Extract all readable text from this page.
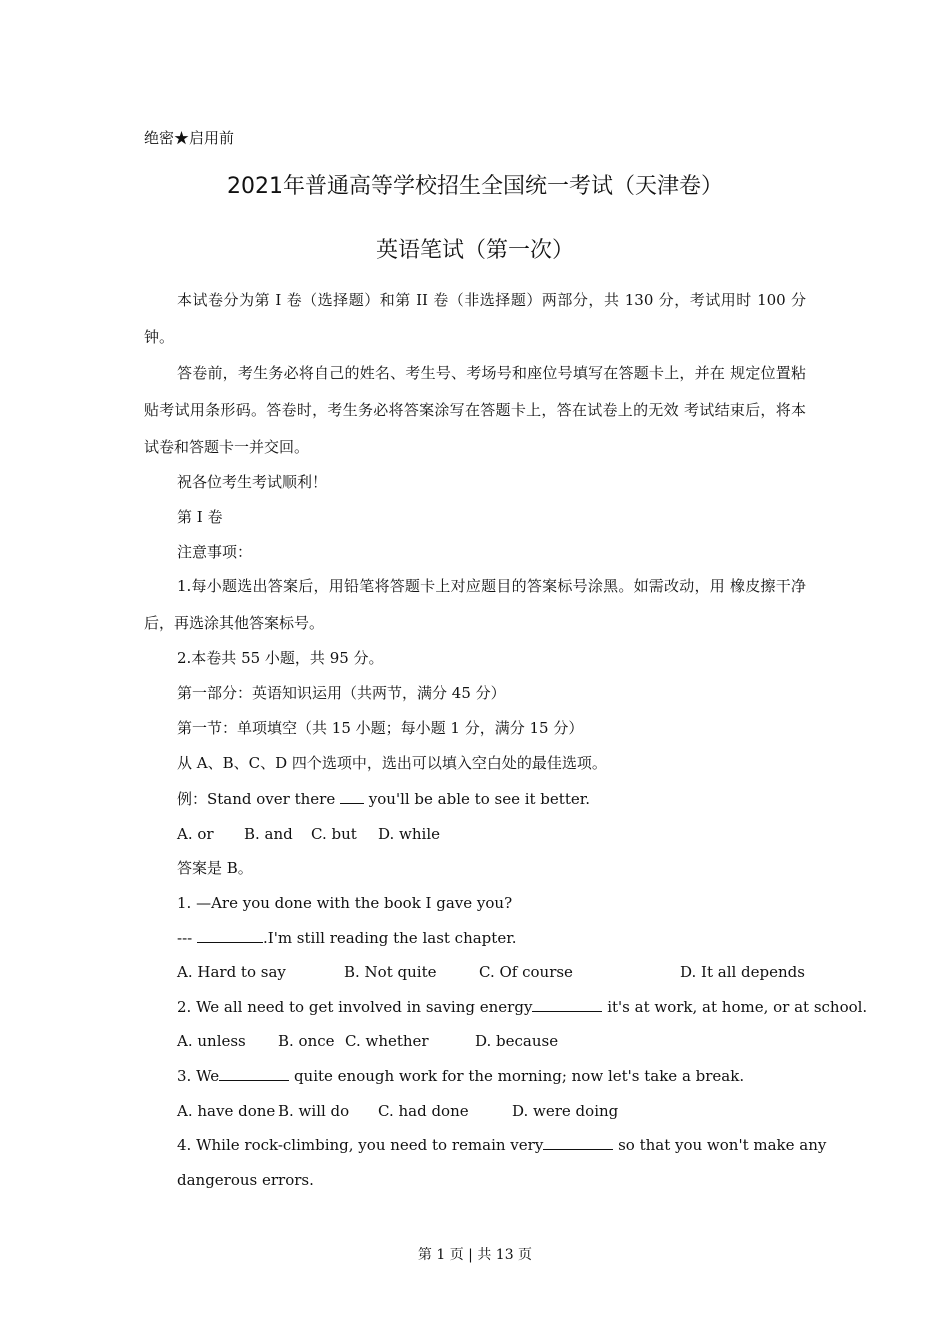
绝密★启用前
2021年普通高等学校招生全国统一考试（天津卷）
英语笔试（第一次）
本试卷分为第 I 卷（选择题）和第 II 卷（非选择题）两部分，共 130 分，考试用时 100 分钟。
答卷前，考生务必将自己的姓名、考生号、考场号和座位号填写在答题卡上，并在 规定位置粘贴考试用条形码。答卷时，考生务必将答案涂写在答题卡上，答在试卷上的无效 考试结束后，将本试卷和答题卡一并交回。
祝各位考生考试顺利！
第 I 卷
注意事项：
1.每小题选出答案后，用铅笔将答题卡上对应题目的答案标号涂黑。如需改动，用 橡皮擦干净后，再选涂其他答案标号。
2.本卷共 55 小题，共 95 分。
第一部分：英语知识运用（共两节，满分 45 分）
第一节：单项填空（共 15 小题；每小题 1 分，满分 15 分）
从 A、B、C、D 四个选项中，选出可以填入空白处的最佳选项。
例：Stand over there you'll be able to see it better.
A. or B. and C. but D. while
答案是 B。
1. —Are you done with the book I gave you?
---	.I'm still reading the last chapter.
A. Hard to say	B. Not quite	C. Of course	D. It all depends
2. We all need to get involved in saving energy	it's at work, at home, or at school.
A. unless B. once C. whether	D. because
3. We	quite enough work for the morning; now let's take a break.
A. have done B. will do C. had done	D. were doing
4. While rock-climbing, you need to remain very	so that you won't make any
dangerous errors.
第 1 页 | 共 13 页
